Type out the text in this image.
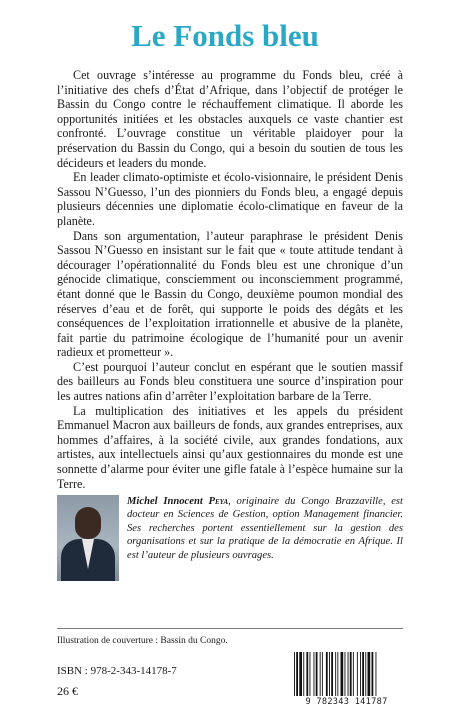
Le Fonds bleu

Cet ouvrage s’intéresse au programme du Fonds bleu, créé à l’initiative des chefs d’État d’Afrique, dans l’objectif de protéger le Bassin du Congo contre le réchauffement climatique. Il aborde les opportunités initiées et les obstacles auxquels ce vaste chantier est confronté. L’ouvrage constitue un véritable plaidoyer pour la préservation du Bassin du Congo, qui a besoin du soutien de tous les décideurs et leaders du monde.

En leader climato-optimiste et écolo-visionnaire, le président Denis Sassou N’Guesso, l’un des pionniers du Fonds bleu, a engagé depuis plusieurs décennies une diplomatie écolo-climatique en faveur de la planète.

Dans son argumentation, l’auteur paraphrase le président Denis Sassou N’Guesso en insistant sur le fait que « toute attitude tendant à décourager l’opérationnalité du Fonds bleu est une chronique d’un génocide climatique, consciemment ou inconsciemment programmé, étant donné que le Bassin du Congo, deuxième poumon mondial des réserves d’eau et de forêt, qui supporte le poids des dégâts et les conséquences de l’exploitation irrationnelle et abusive de la planète, fait partie du patrimoine écologique de l’humanité pour un avenir radieux et prometteur ».

C’est pourquoi l’auteur conclut en espérant que le soutien massif des bailleurs au Fonds bleu constituera une source d’inspiration pour les autres nations afin d’arrêter l’exploitation barbare de la Terre.

La multiplication des initiatives et les appels du président Emmanuel Macron aux bailleurs de fonds, aux grandes entreprises, aux hommes d’affaires, à la société civile, aux grandes fondations, aux artistes, aux intellectuels ainsi qu’aux gestionnaires du monde est une sonnette d’alarme pour éviter une gifle fatale à l’espèce humaine sur la Terre.

Michel Innocent Peya, originaire du Congo Brazzaville, est docteur en Sciences de Gestion, option Management financier. Ses recherches portent essentiellement sur la gestion des organisations et sur la pratique de la démocratie en Afrique. Il est l’auteur de plusieurs ouvrages.
Illustration de couverture : Bassin du Congo.
ISBN : 978-2-343-14178-7
26 €
9 782343 141787
